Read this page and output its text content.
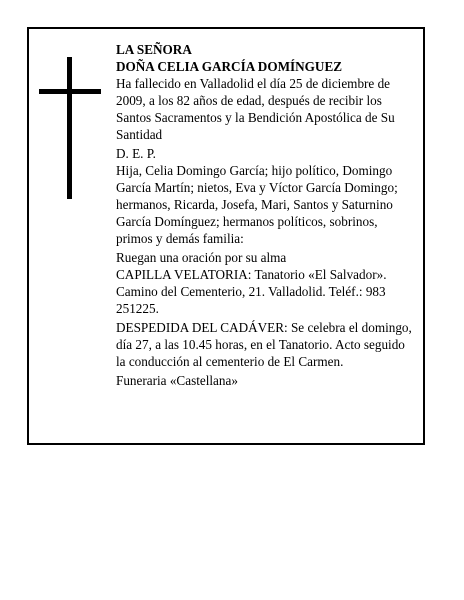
LA SEÑORA

DOÑA CELIA GARCÍA DOMÍNGUEZ

Ha fallecido en Valladolid el día 25 de diciembre de 2009, a los 82 años de edad, después de recibir los Santos Sacramentos y la Bendición Apostólica de Su Santidad

D. E. P.

Hija, Celia Domingo García; hijo político, Domingo García Martín; nietos, Eva y Víctor García Domingo; hermanos, Ricarda, Josefa, Mari, Santos y Saturnino García Domínguez; hermanos políticos, sobrinos, primos y demás familia:

Ruegan una oración por su alma

CAPILLA VELATORIA: Tanatorio «El Salvador». Camino del Cementerio, 21. Valladolid. Teléf.: 983 251225.

DESPEDIDA DEL CADÁVER: Se celebra el domingo, día 27, a las 10.45 horas, en el Tanatorio. Acto seguido la conducción al cementerio de El Carmen.

Funeraria «Castellana»
